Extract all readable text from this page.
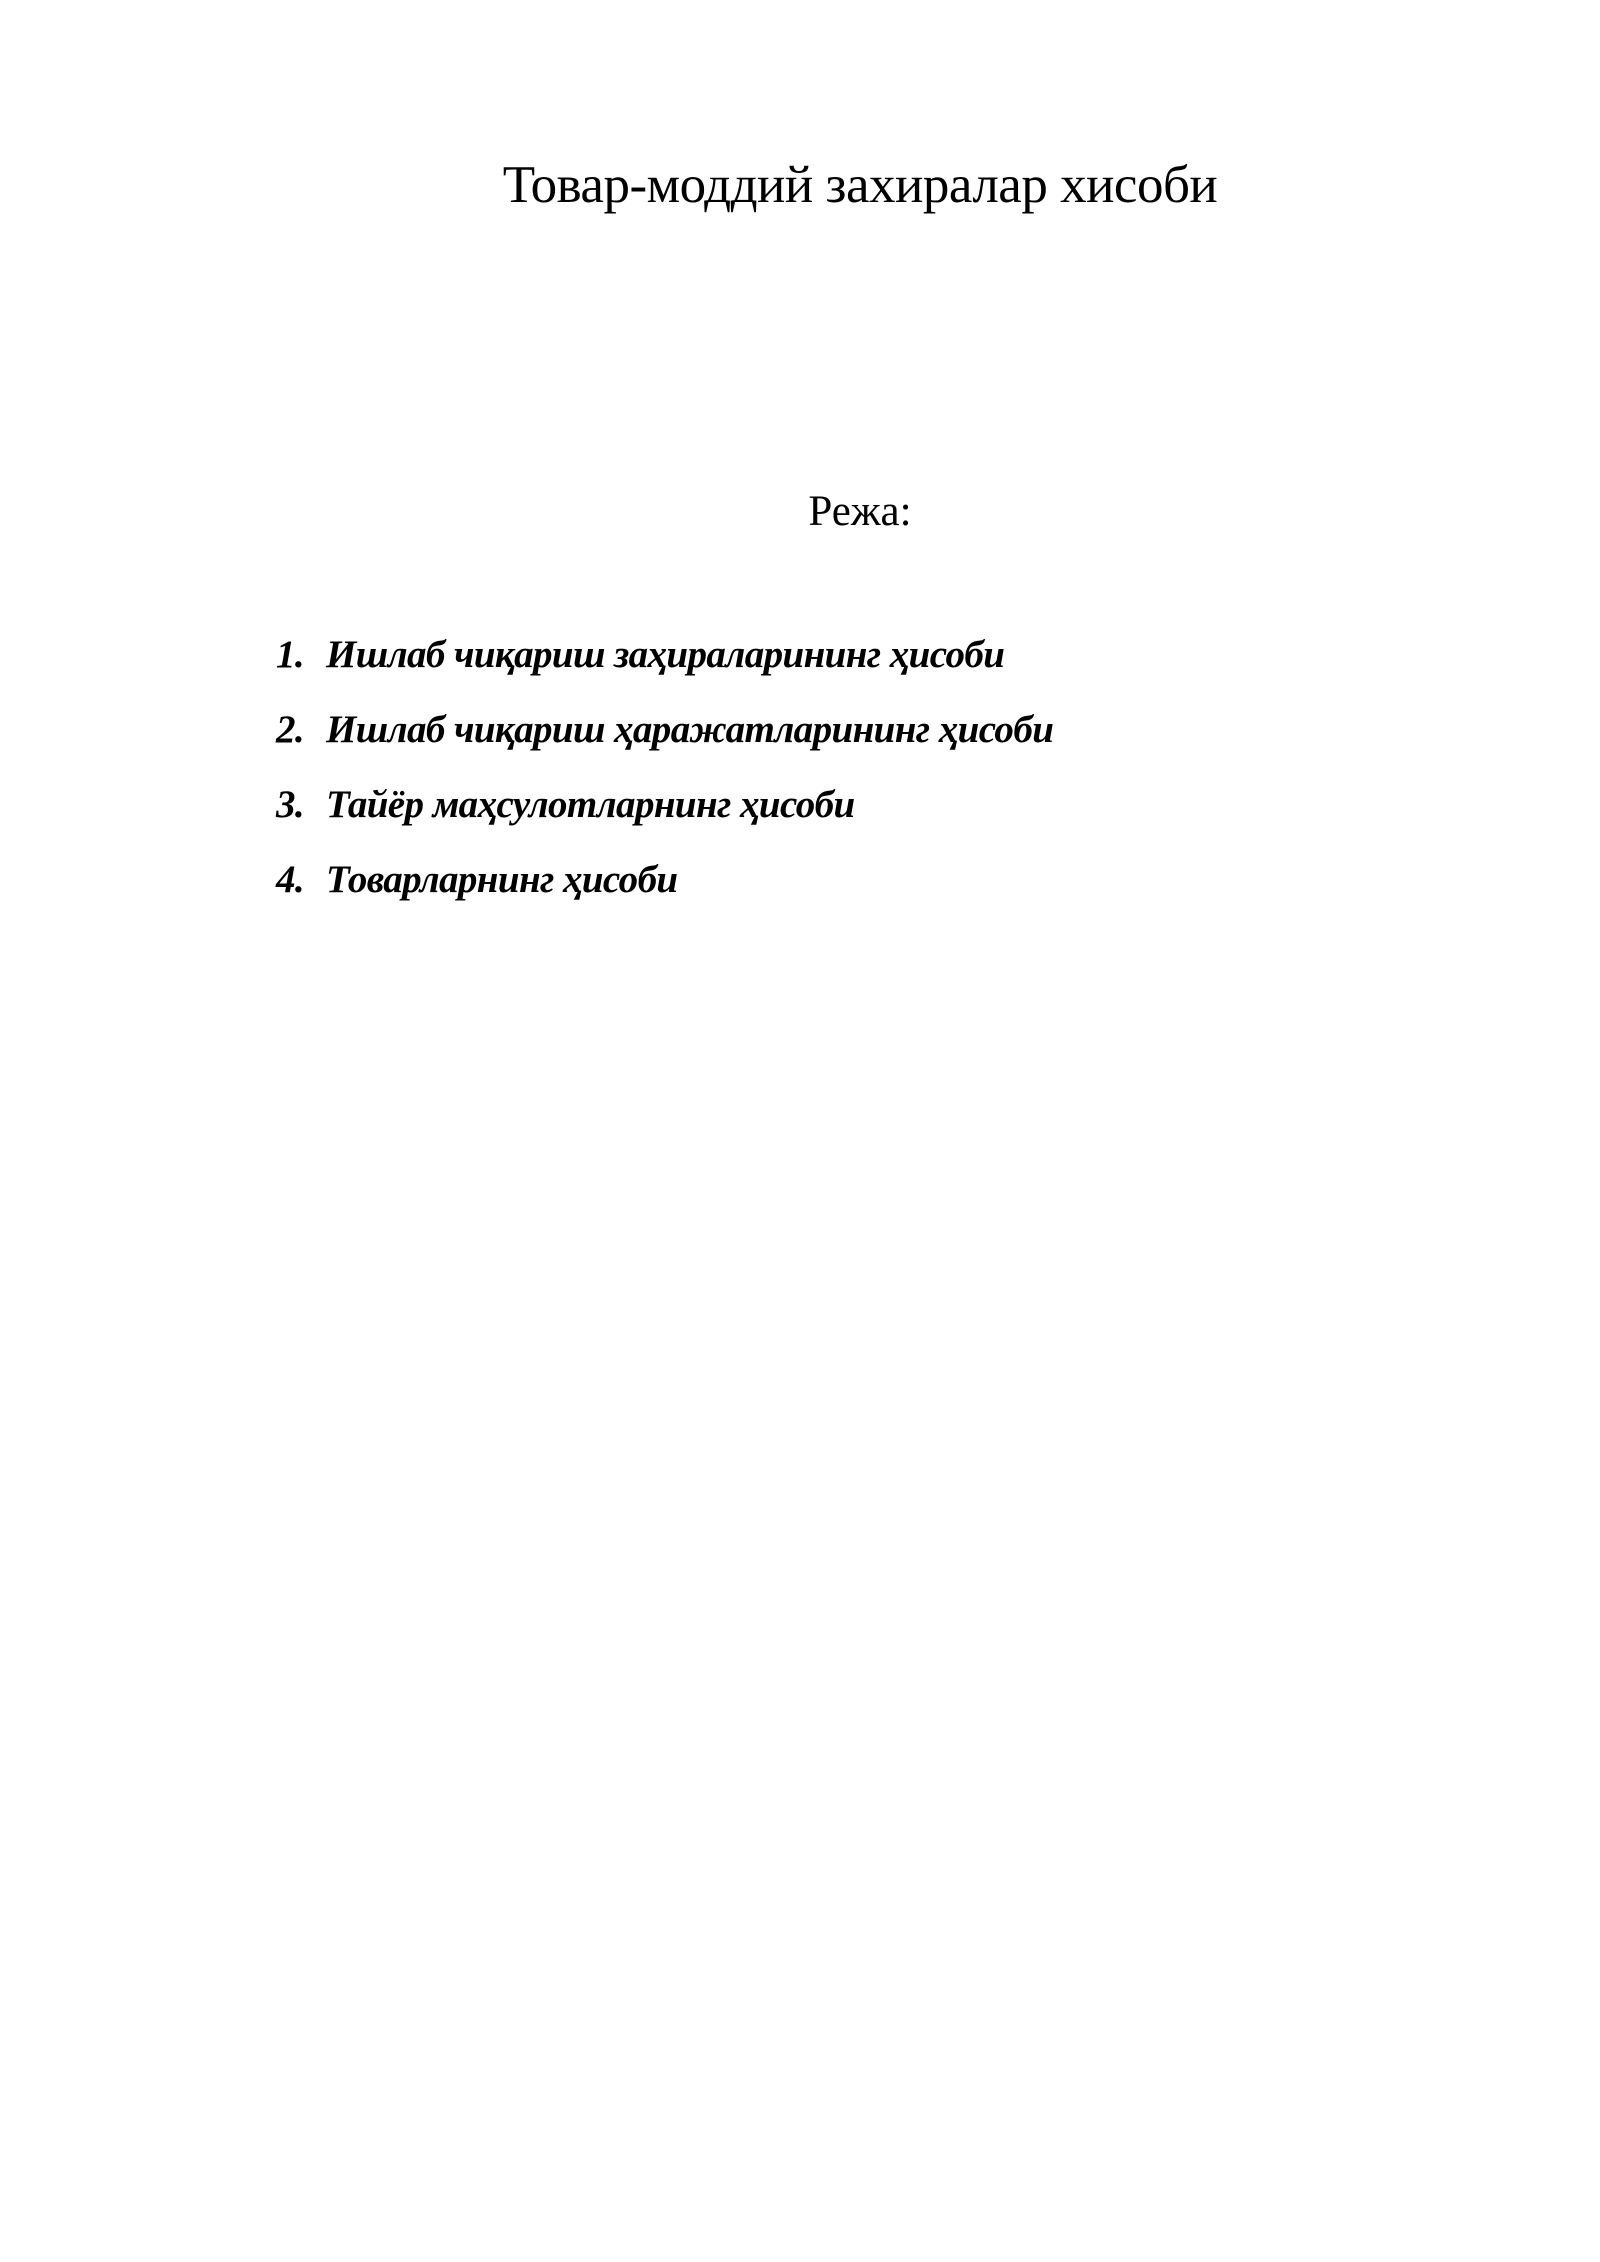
Товар-моддий захиралар хисоби
Режа:
1. Ишлаб чиқариш заҳираларининг ҳисоби
2. Ишлаб чиқариш ҳаражатларининг ҳисоби
3. Тайёр маҳсулотларнинг ҳисоби
4. Товарларнинг ҳисоби
